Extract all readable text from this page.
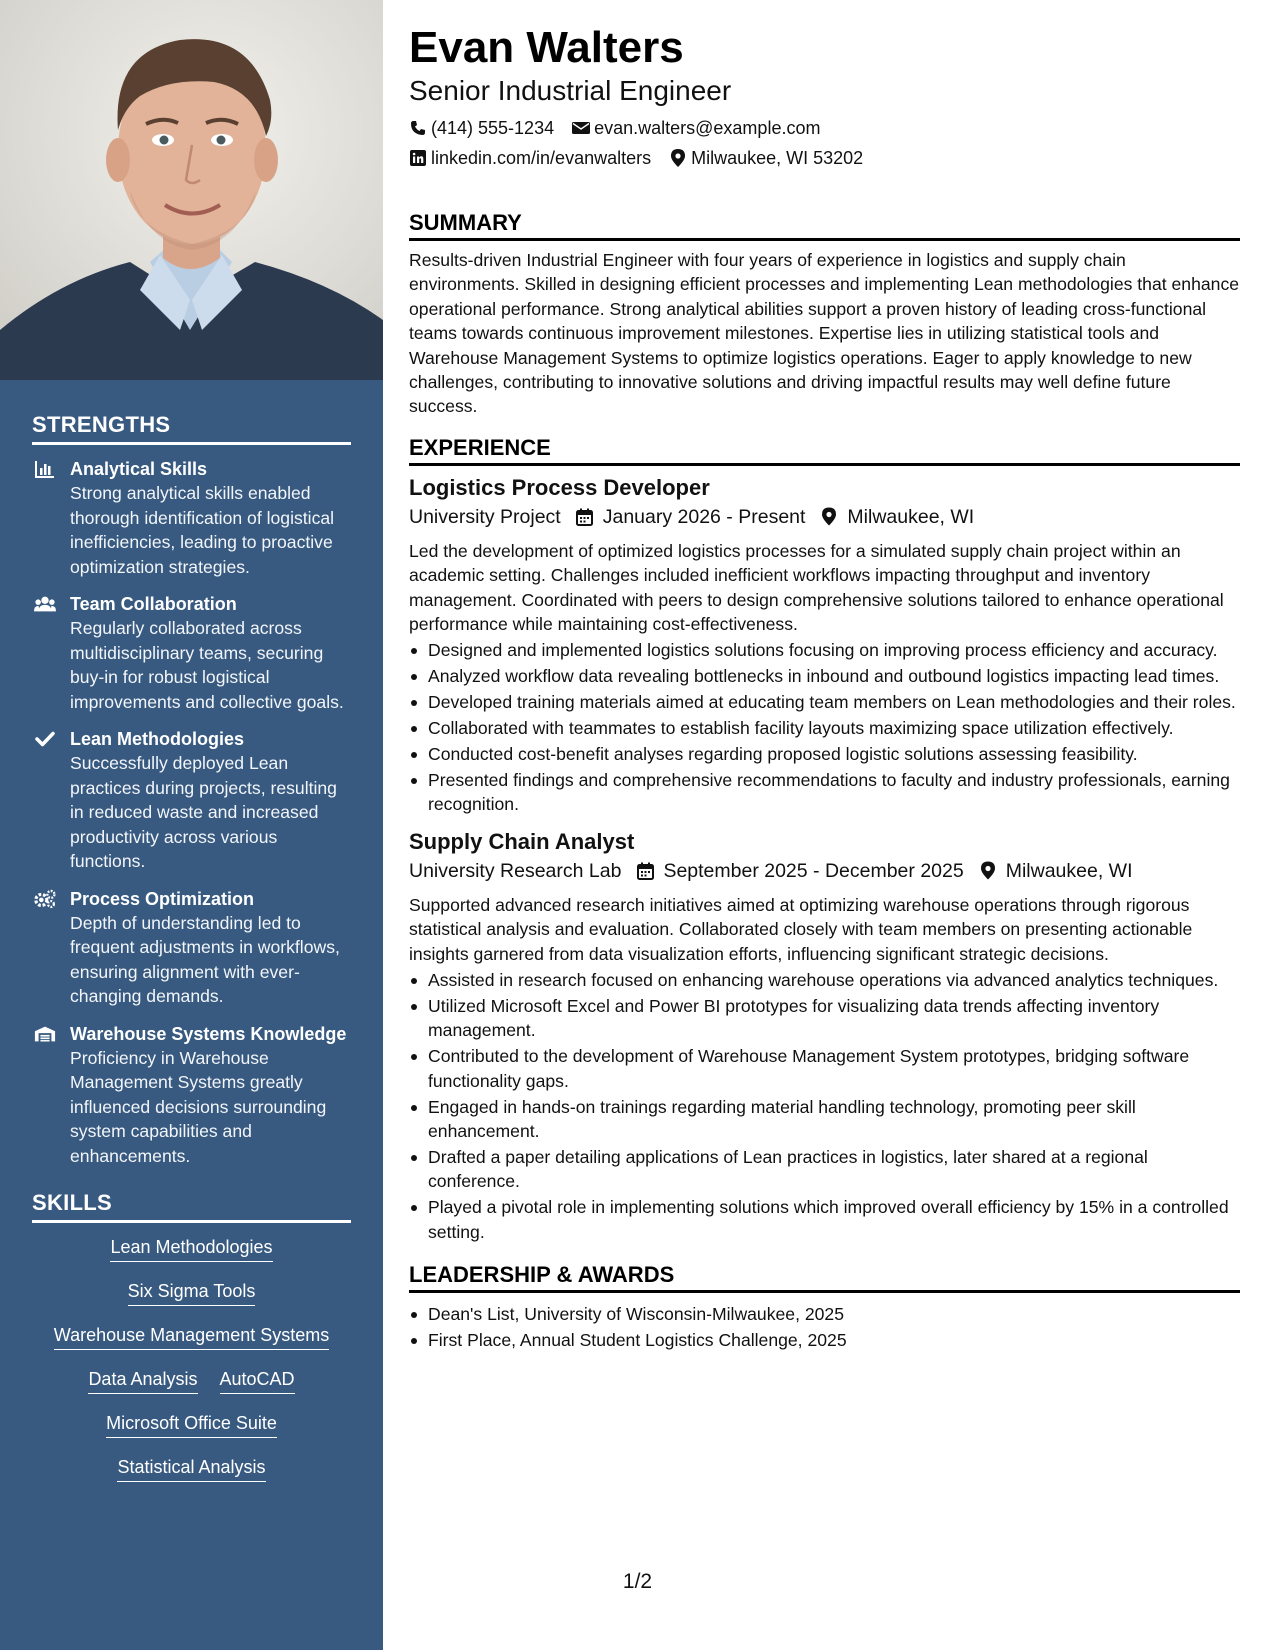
STRENGTHS
Analytical Skills
Strong analytical skills enabled thorough identification of logistical inefficiencies, leading to proactive optimization strategies.
Team Collaboration
Regularly collaborated across multidisciplinary teams, securing buy-in for robust logistical improvements and collective goals.
Lean Methodologies
Successfully deployed Lean practices during projects, resulting in reduced waste and increased productivity across various functions.
Process Optimization
Depth of understanding led to frequent adjustments in workflows, ensuring alignment with ever-changing demands.
Warehouse Systems Knowledge
Proficiency in Warehouse Management Systems greatly influenced decisions surrounding system capabilities and enhancements.
SKILLS
Lean Methodologies
Six Sigma Tools
Warehouse Management Systems
Data Analysis AutoCAD
Microsoft Office Suite
Statistical Analysis
Evan Walters
Senior Industrial Engineer
(414) 555-1234 evan.walters@example.com
linkedin.com/in/evanwalters Milwaukee, WI 53202
SUMMARY
Results-driven Industrial Engineer with four years of experience in logistics and supply chain environments. Skilled in designing efficient processes and implementing Lean methodologies that enhance operational performance. Strong analytical abilities support a proven history of leading cross-functional teams towards continuous improvement milestones. Expertise lies in utilizing statistical tools and Warehouse Management Systems to optimize logistics operations. Eager to apply knowledge to new challenges, contributing to innovative solutions and driving impactful results may well define future success.
EXPERIENCE
Logistics Process Developer
University Project January 2026 - Present Milwaukee, WI
Led the development of optimized logistics processes for a simulated supply chain project within an academic setting. Challenges included inefficient workflows impacting throughput and inventory management. Coordinated with peers to design comprehensive solutions tailored to enhance operational performance while maintaining cost-effectiveness.
Designed and implemented logistics solutions focusing on improving process efficiency and accuracy.
Analyzed workflow data revealing bottlenecks in inbound and outbound logistics impacting lead times.
Developed training materials aimed at educating team members on Lean methodologies and their roles.
Collaborated with teammates to establish facility layouts maximizing space utilization effectively.
Conducted cost-benefit analyses regarding proposed logistic solutions assessing feasibility.
Presented findings and comprehensive recommendations to faculty and industry professionals, earning recognition.
Supply Chain Analyst
University Research Lab September 2025 - December 2025 Milwaukee, WI
Supported advanced research initiatives aimed at optimizing warehouse operations through rigorous statistical analysis and evaluation. Collaborated closely with team members on presenting actionable insights garnered from data visualization efforts, influencing significant strategic decisions.
Assisted in research focused on enhancing warehouse operations via advanced analytics techniques.
Utilized Microsoft Excel and Power BI prototypes for visualizing data trends affecting inventory management.
Contributed to the development of Warehouse Management System prototypes, bridging software functionality gaps.
Engaged in hands-on trainings regarding material handling technology, promoting peer skill enhancement.
Drafted a paper detailing applications of Lean practices in logistics, later shared at a regional conference.
Played a pivotal role in implementing solutions which improved overall efficiency by 15% in a controlled setting.
LEADERSHIP & AWARDS
Dean's List, University of Wisconsin-Milwaukee, 2025
First Place, Annual Student Logistics Challenge, 2025
1/2
